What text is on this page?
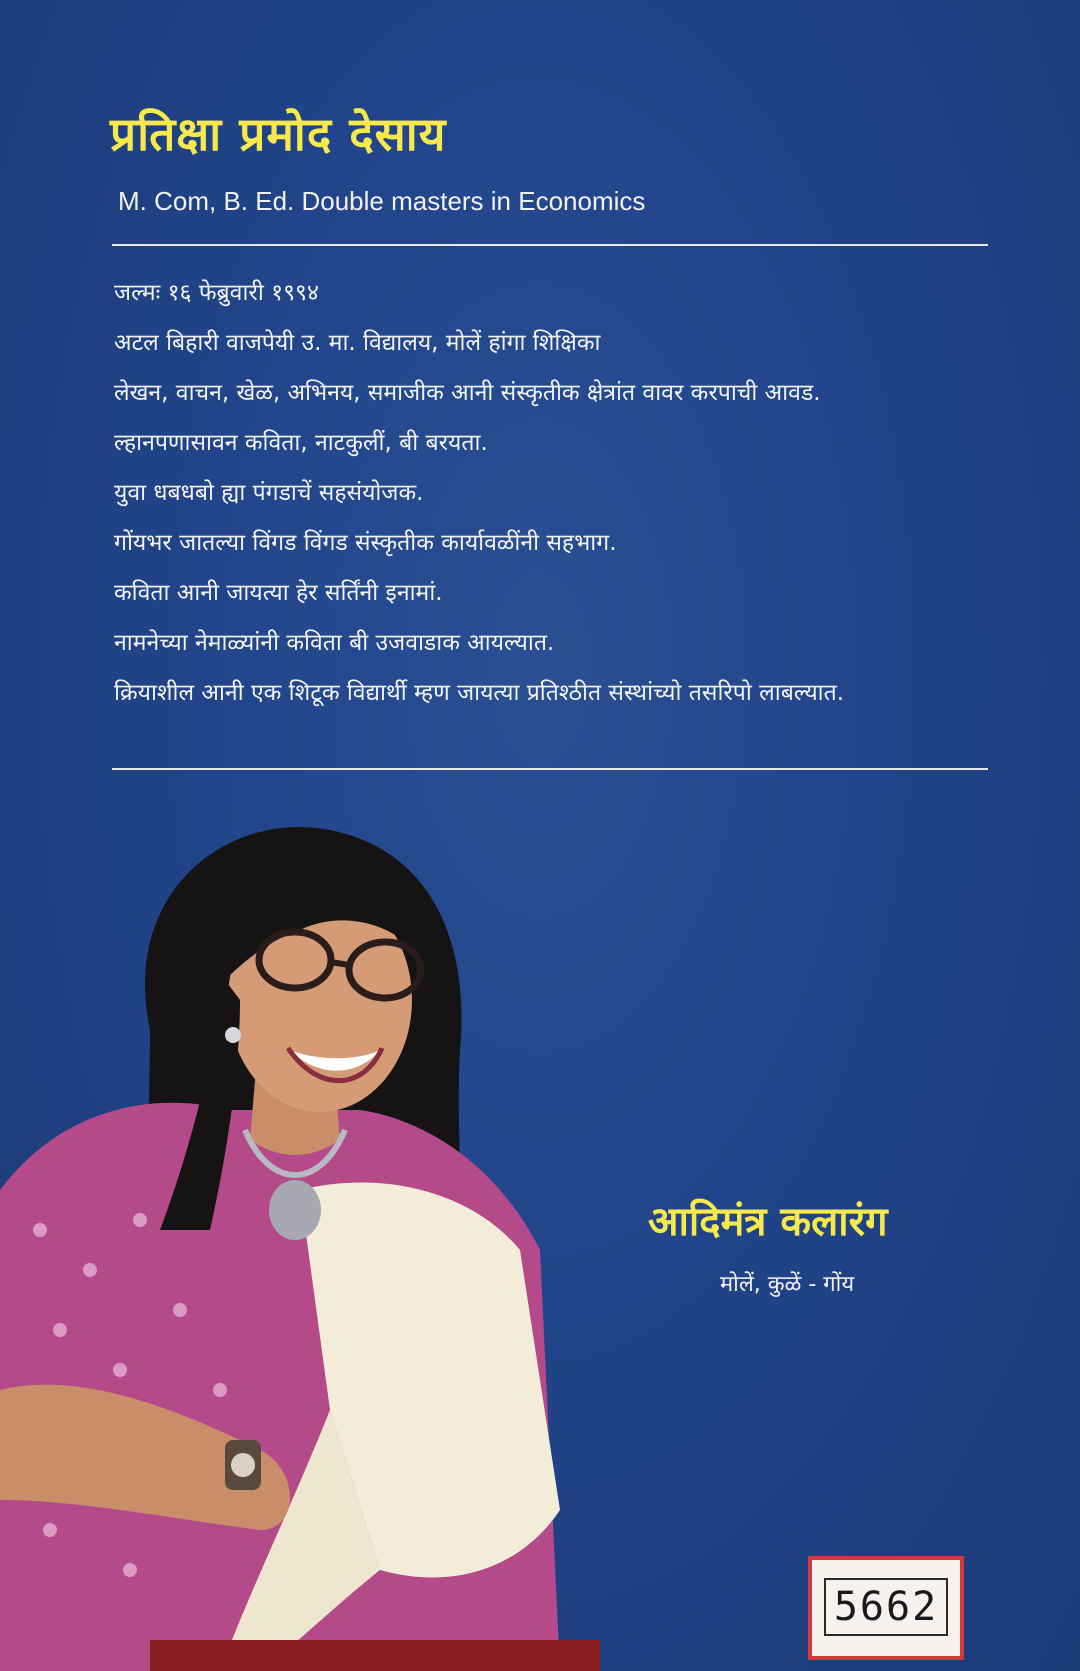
प्रतिक्षा प्रमोद देसाय
M. Com, B. Ed. Double masters in Economics
जल्मः १६ फेब्रुवारी १९९४
अटल बिहारी वाजपेयी उ. मा. विद्यालय, मोलें हांगा शिक्षिका
लेखन, वाचन, खेळ, अभिनय, समाजीक आनी संस्कृतीक क्षेत्रांत वावर करपाची आवड.
ल्हानपणासावन कविता, नाटकुलीं, बी बरयता.
युवा धबधबो ह्या पंगडाचें सहसंयोजक.
गोंयभर जातल्या विंगड विंगड संस्कृतीक कार्यावळींनी सहभाग.
कविता आनी जायत्या हेर सर्तिंनी इनामां.
नामनेच्या नेमाळ्यांनी कविता बी उजवाडाक आयल्यात.
क्रियाशील आनी एक शिटूक विद्यार्थी म्हण जायत्या प्रतिश्ठीत संस्थांच्यो तसरिपो लाबल्यात.
आदिमंत्र कलारंग
मोलें, कुळें - गोंय
5662
